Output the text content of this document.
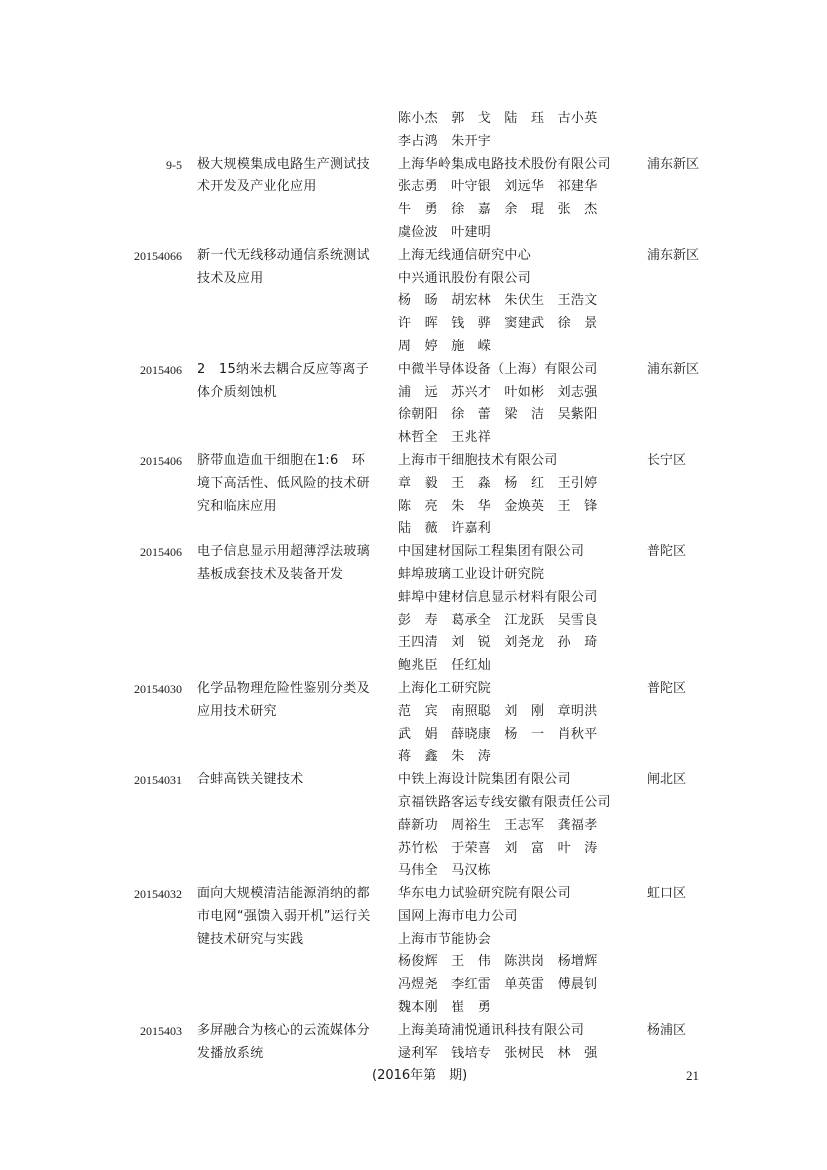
陈小杰　郭　戈　陆　珏　古小英
李占鸿　朱开宇
9-5 极大规模集成电路生产测试技	上海华岭集成电路技术股份有限公司	浦东新区
术开发及产业化应用	张志勇　叶守银　刘远华　祁建华
牛　勇　徐　嘉　余　琨　张　杰
虞俭波　叶建明
20154066 新一代无线移动通信系统测试	上海无线通信研究中心	浦东新区
技术及应用	中兴通讯股份有限公司
杨　旸　胡宏林　朱伏生　王浩文
许　晖　钱　骅　窦建武　徐　景
周　婷　施　嵘
2015406 2　15纳米去耦合反应等离子	中微半导体设备（上海）有限公司	浦东新区
体介质刻蚀机	浦　远　苏兴才　叶如彬　刘志强
徐朝阳　徐　蕾　梁　洁　吴紫阳
林哲全　王兆祥
2015406 脐带血造血干细胞在1:6　环	上海市干细胞技术有限公司	长宁区
境下高活性、低风险的技术研	章　毅　王　淼　杨　红　王引婷
究和临床应用	陈　亮　朱　华　金焕英　王　锋
陆　薇　许嘉利
2015406 电子信息显示用超薄浮法玻璃	中国建材国际工程集团有限公司	普陀区
基板成套技术及装备开发	蚌埠玻璃工业设计研究院
蚌埠中建材信息显示材料有限公司
彭　寿　葛承全　江龙跃　吴雪良
王四清　刘　锐　刘尧龙　孙　琦
鲍兆臣　任红灿
20154030 化学品物理危险性鉴别分类及	上海化工研究院	普陀区
应用技术研究	范　宾　南照聪　刘　刚　章明洪
武　娟　薛晓康　杨　一　肖秋平
蒋　鑫　朱　涛
20154031 合蚌高铁关键技术	中铁上海设计院集团有限公司	闸北区
京福铁路客运专线安徽有限责任公司
薛新功　周裕生　王志军　龚福孝
苏竹松　于荣喜　刘　富　叶　涛
马伟全　马汉栋
20154032 面向大规模清洁能源消纳的都	华东电力试验研究院有限公司	虹口区
市电网“强馈入弱开机”运行关	国网上海市电力公司
键技术研究与实践	上海市节能协会
杨俊辉　王　伟　陈洪岗　杨增辉
冯煜尧　李红雷　单英雷　傅晨钊
魏本刚　崔　勇
2015403 多屏融合为核心的云流媒体分	上海美琦浦悦通讯科技有限公司	杨浦区
发播放系统	逯利军　钱培专　张树民　林　强
(2016年第　期)	21
